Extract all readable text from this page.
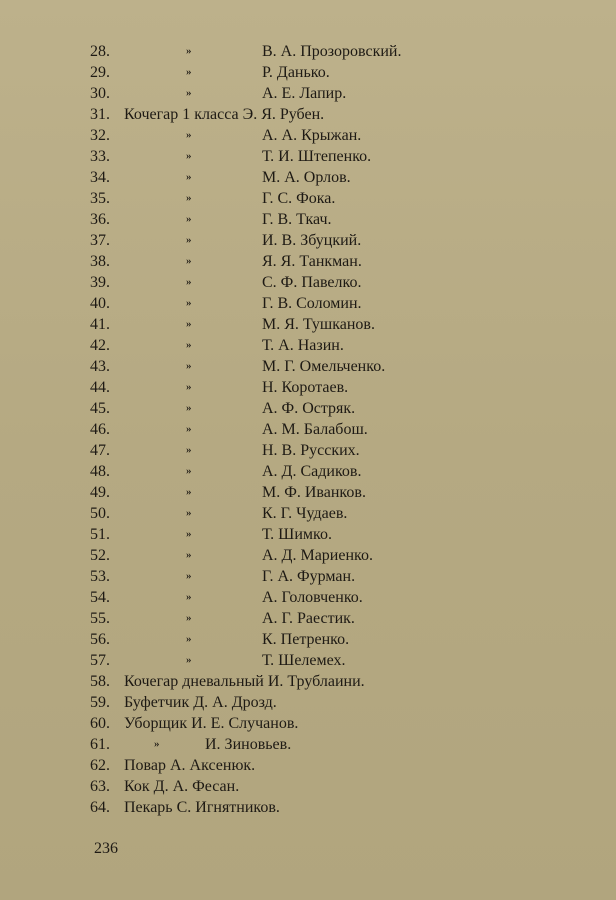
28.	»	В. А. Прозоровский.
29.	»	Р. Данько.
30.	»	А. Е. Лапир.
31. Кочегар 1 класса Э. Я. Рубен.
32.	»	А. А. Крыжан.
33.	»	Т. И. Штепенко.
34.	»	М. А. Орлов.
35.	»	Г. С. Фока.
36.	»	Г. В. Ткач.
37.	»	И. В. Збуцкий.
38.	»	Я. Я. Танкман.
39.	»	С. Ф. Павелко.
40.	»	Г. В. Соломин.
41.	»	М. Я. Тушканов.
42.	»	Т. А. Назин.
43.	»	М. Г. Омельченко.
44.	»	Н. Коротаев.
45.	»	А. Ф. Остряк.
46.	»	А. М. Балабош.
47.	»	Н. В. Русских.
48.	»	А. Д. Садиков.
49.	»	М. Ф. Иванков.
50.	»	К. Г. Чудаев.
51.	»	Т. Шимко.
52.	»	А. Д. Мариенко.
53.	»	Г. А. Фурман.
54.	»	А. Головченко.
55.	»	А. Г. Раестик.
56.	»	К. Петренко.
57.	»	Т. Шелемех.
58. Кочегар дневальный И. Трублаини.
59. Буфетчик Д. А. Дрозд.
60. Уборщик И. Е. Случанов.
61.	»	И. Зиновьев.
62. Повар А. Аксенюк.
63. Кок Д. А. Фесан.
64. Пекарь С. Игнятников.
236
